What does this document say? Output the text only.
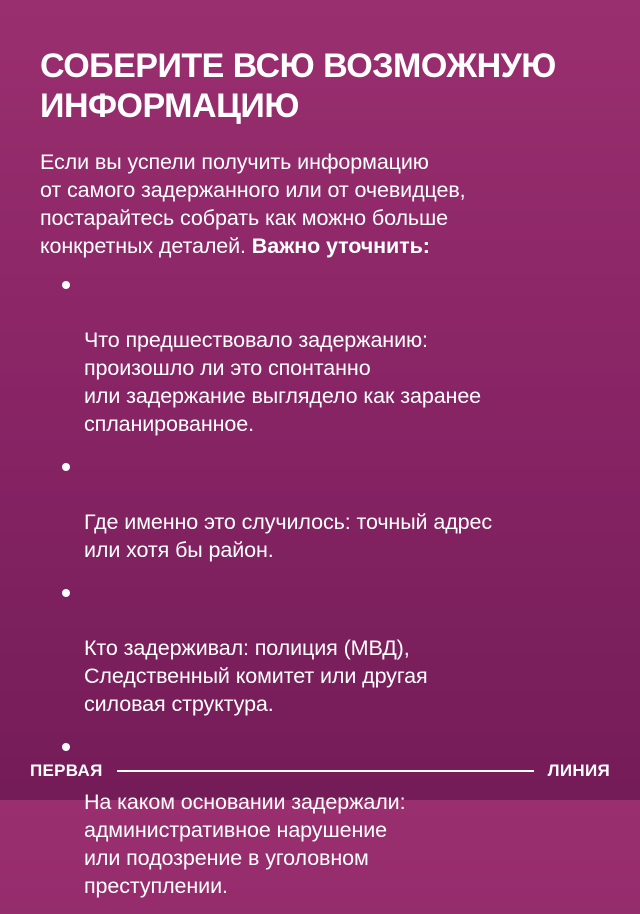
СОБЕРИТЕ ВСЮ ВОЗМОЖНУЮ
ИНФОРМАЦИЮ

Если вы успели получить информацию
от самого задержанного или от очевидцев,
постарайтесь собрать как можно больше
конкретных деталей. Важно уточнить:

Что предшествовало задержанию:
произошло ли это спонтанно
или задержание выглядело как заранее
спланированное.

Где именно это случилось: точный адрес
или хотя бы район.

Кто задерживал: полиция (МВД),
Следственный комитет или другая
силовая структура.

На каком основании задержали:
административное нарушение
или подозрение в уголовном
преступлении.

ПЕРВАЯ	ЛИНИЯ
